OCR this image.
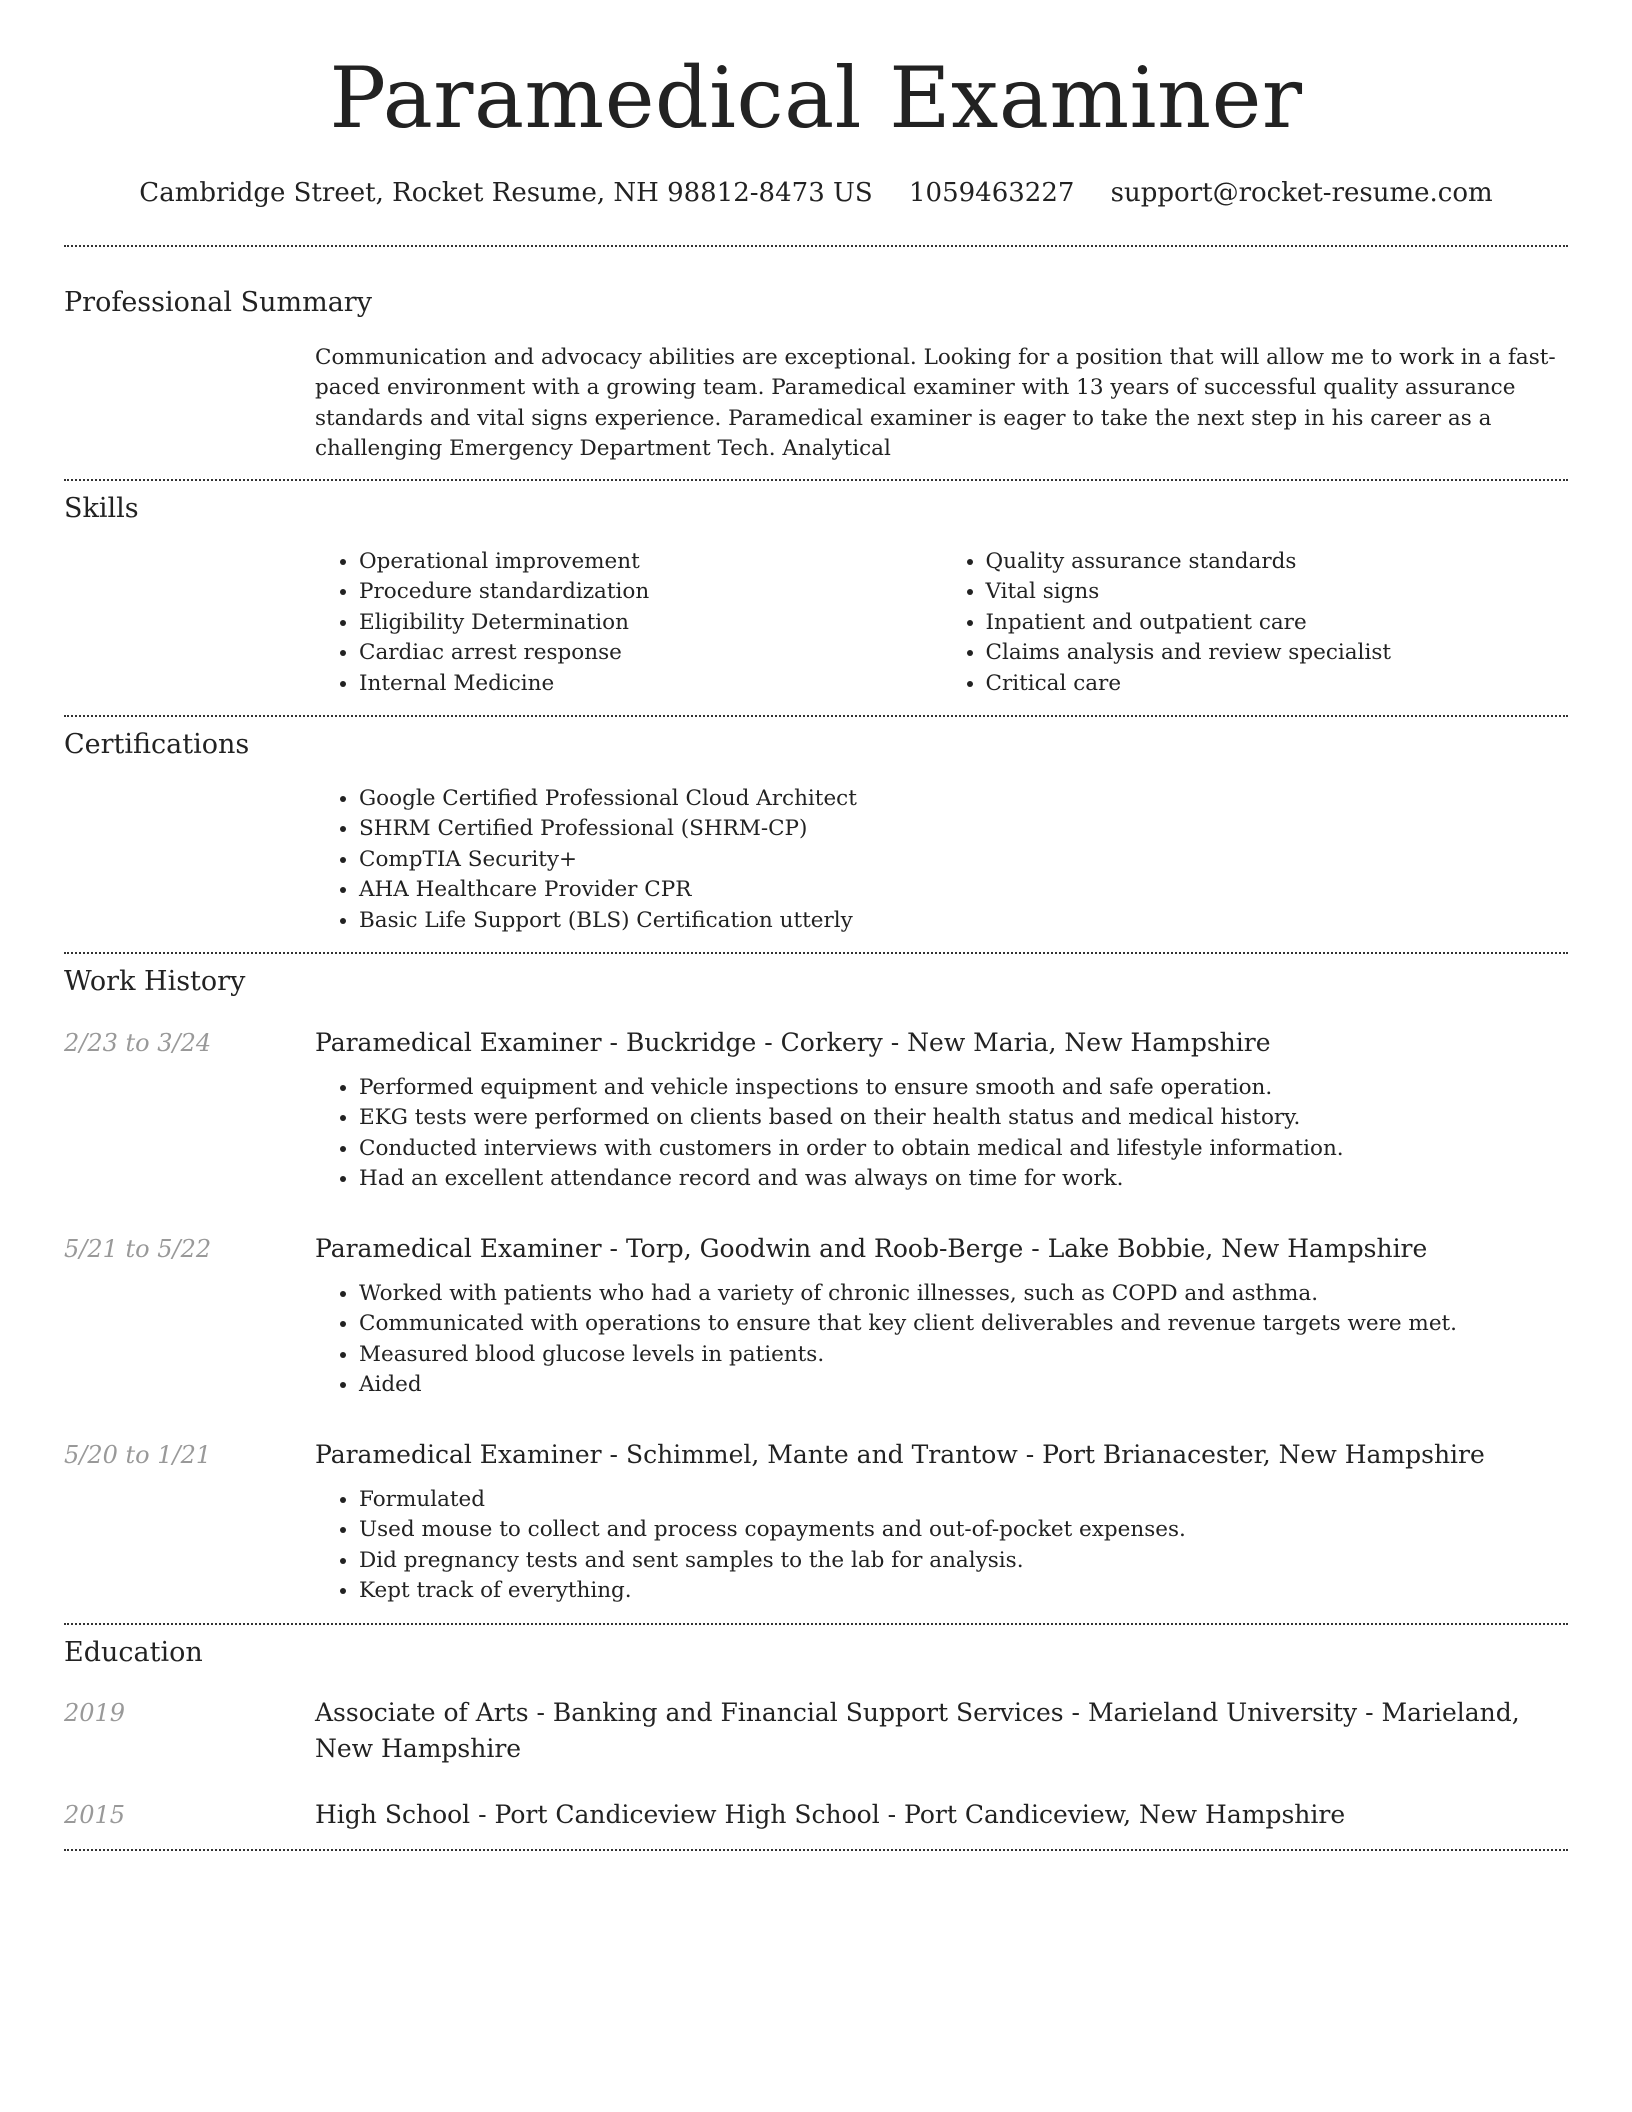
Paramedical Examiner
Cambridge Street, Rocket Resume, NH 98812-8473 US 1059463227 support@rocket-resume.com
Professional Summary
Communication and advocacy abilities are exceptional. Looking for a position that will allow me to work in a fast-paced environment with a growing team. Paramedical examiner with 13 years of successful quality assurance standards and vital signs experience. Paramedical examiner is eager to take the next step in his career as a challenging Emergency Department Tech. Analytical
Skills
• Operational improvement
• Procedure standardization
• Eligibility Determination
• Cardiac arrest response
• Internal Medicine
• Quality assurance standards
• Vital signs
• Inpatient and outpatient care
• Claims analysis and review specialist
• Critical care
Certifications
• Google Certified Professional Cloud Architect
• SHRM Certified Professional (SHRM-CP)
• CompTIA Security+
• AHA Healthcare Provider CPR
• Basic Life Support (BLS) Certification utterly
Work History
2/23 to 3/24	Paramedical Examiner - Buckridge - Corkery - New Maria, New Hampshire
• Performed equipment and vehicle inspections to ensure smooth and safe operation.
• EKG tests were performed on clients based on their health status and medical history.
• Conducted interviews with customers in order to obtain medical and lifestyle information.
• Had an excellent attendance record and was always on time for work.
5/21 to 5/22	Paramedical Examiner - Torp, Goodwin and Roob-Berge - Lake Bobbie, New Hampshire
• Worked with patients who had a variety of chronic illnesses, such as COPD and asthma.
• Communicated with operations to ensure that key client deliverables and revenue targets were met.
• Measured blood glucose levels in patients.
• Aided
5/20 to 1/21	Paramedical Examiner - Schimmel, Mante and Trantow - Port Brianacester, New Hampshire
• Formulated
• Used mouse to collect and process copayments and out-of-pocket expenses.
• Did pregnancy tests and sent samples to the lab for analysis.
• Kept track of everything.
Education
2019	Associate of Arts - Banking and Financial Support Services - Marieland University - Marieland, New Hampshire
2015	High School - Port Candiceview High School - Port Candiceview, New Hampshire
